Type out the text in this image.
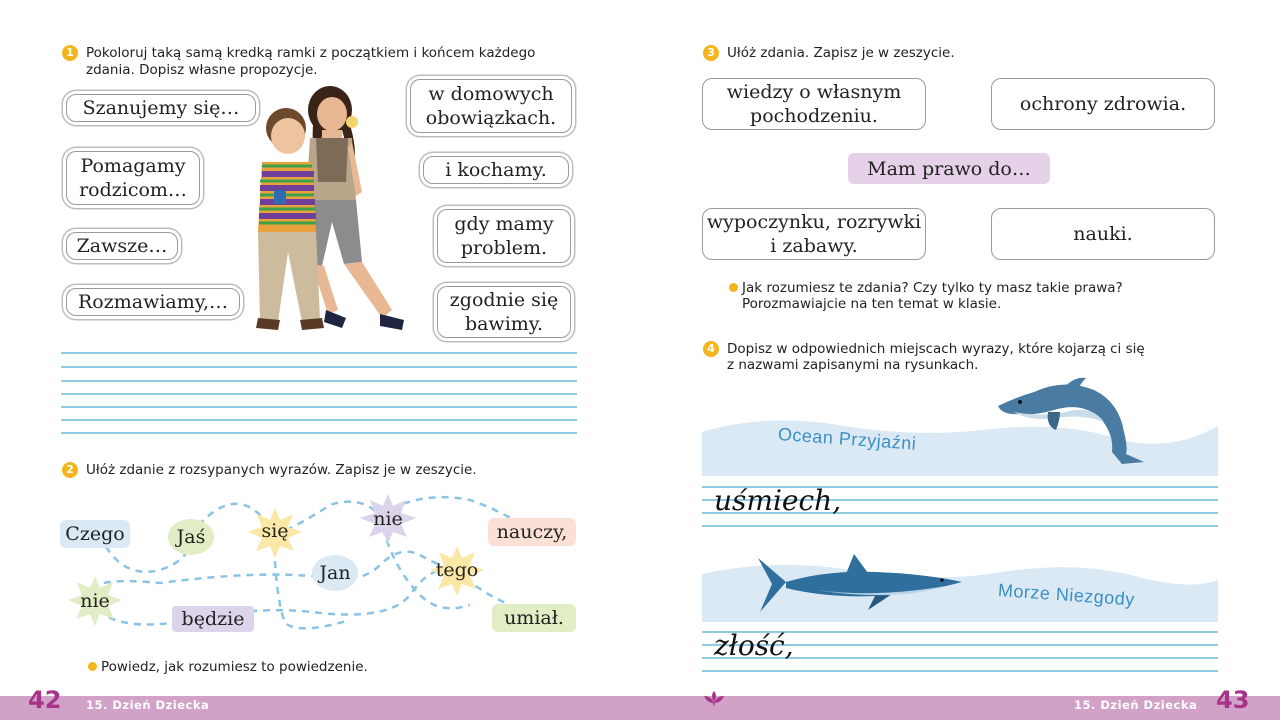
1 Pokoloruj taką samą kredką ramki z początkiem i końcem każdego
zdania. Dopisz własne propozycje.
Szanujemy się…
Pomagamy rodzicom…
Zawsze…
Rozmawiamy,…
w domowych obowiązkach.
i kochamy.
gdy mamy problem.
zgodnie się bawimy.
2 Ułóż zdanie z rozsypanych wyrazów. Zapisz je w zeszycie.
Czego	Jaś	się
nie
nauczy,
Jan	tego
nie
będzie	umiał.
Powiedz, jak rozumiesz to powiedzenie.
3 Ułóż zdania. Zapisz je w zeszycie.
wiedzy o własnym pochodzeniu.
ochrony zdrowia.
Mam prawo do…
wypoczynku, rozrywki i zabawy.
nauki.
Jak rozumiesz te zdania? Czy tylko ty masz takie prawa?
Porozmawiajcie na ten temat w klasie.
4 Dopisz w odpowiednich miejscach wyrazy, które kojarzą ci się
z nazwami zapisanymi na rysunkach.
Ocean Przyjaźni
uśmiech,
Morze Niezgody
złość,
42 15. Dzień Dziecka	15. Dzień Dziecka 43
